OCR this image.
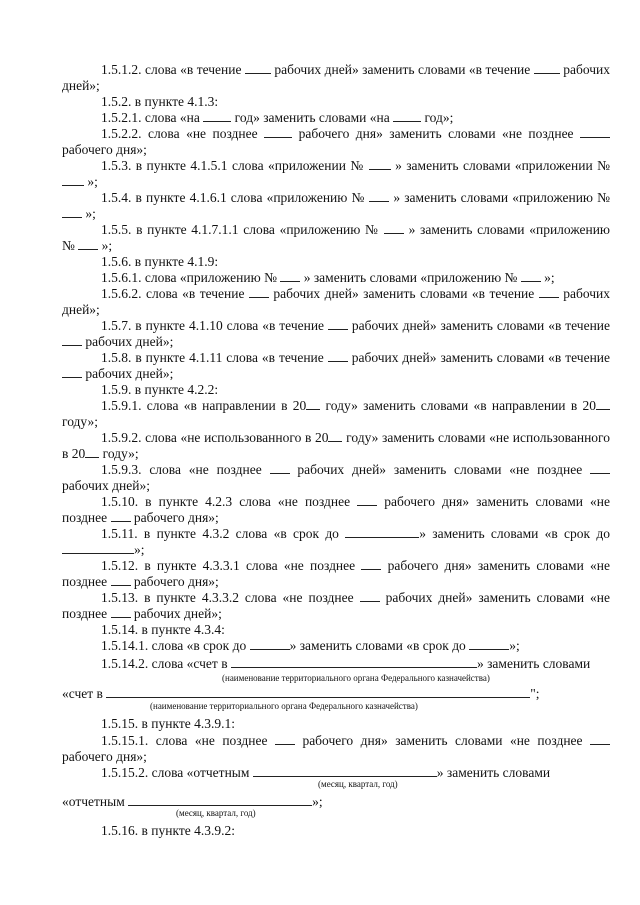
1.5.1.2. слова «в течение рабочих дней» заменить словами «в течение рабочих дней»;

1.5.2. в пункте 4.1.3:

1.5.2.1. слова «на	год» заменить словами «на	год»;

1.5.2.2. слова «не позднее	рабочего дня» заменить словами «не позднее  рабочего дня»;

1.5.3. в пункте 4.1.5.1 слова «приложении № » заменить словами «приложении №  »;

1.5.4. в пункте 4.1.6.1 слова «приложению № » заменить словами «приложению №  »;

1.5.5. в пункте 4.1.7.1.1 слова «приложению № » заменить словами «приложению № »;

1.5.6. в пункте 4.1.9:

1.5.6.1. слова «приложению № » заменить словами «приложению № »;

1.5.6.2. слова «в течение рабочих дней» заменить словами «в течение рабочих дней»;

1.5.7. в пункте 4.1.10 слова «в течение рабочих дней» заменить словами «в течение  рабочих дней»;

1.5.8. в пункте 4.1.11 слова «в течение рабочих дней» заменить словами «в течение  рабочих дней»;

1.5.9. в пункте 4.2.2:

1.5.9.1. слова «в направлении в 20 году» заменить словами «в направлении в 20 году»;

1.5.9.2. слова «не использованного в 20 году» заменить словами «не использованного в 20 году»;

1.5.9.3. слова «не позднее	рабочих дней» заменить словами «не позднее  рабочих дней»;

1.5.10. в пункте 4.2.3 слова «не позднее	рабочего дня» заменить словами «не позднее рабочего дня»;

1.5.11. в пункте 4.3.2 слова «в срок до	» заменить словами «в срок до »;

1.5.12. в пункте 4.3.3.1 слова «не позднее рабочего дня» заменить словами «не позднее рабочего дня»;

1.5.13. в пункте 4.3.3.2 слова «не позднее рабочих дней» заменить словами «не позднее рабочих дней»;

1.5.14. в пункте 4.3.4:

1.5.14.1. слова «в срок до	» заменить словами «в срок до	»;

1.5.14.2. слова «счет в	» заменить словами

(наименование территориального органа Федерального казначейства)

«счет в	";

(наименование территориального органа Федерального казначейства)

1.5.15. в пункте 4.3.9.1:

1.5.15.1. слова «не позднее	рабочего дня» заменить словами «не позднее  рабочего дня»;

1.5.15.2. слова «отчетным	» заменить словами

(месяц, квартал, год)

«отчетным	»;

(месяц, квартал, год)

1.5.16. в пункте 4.3.9.2:
